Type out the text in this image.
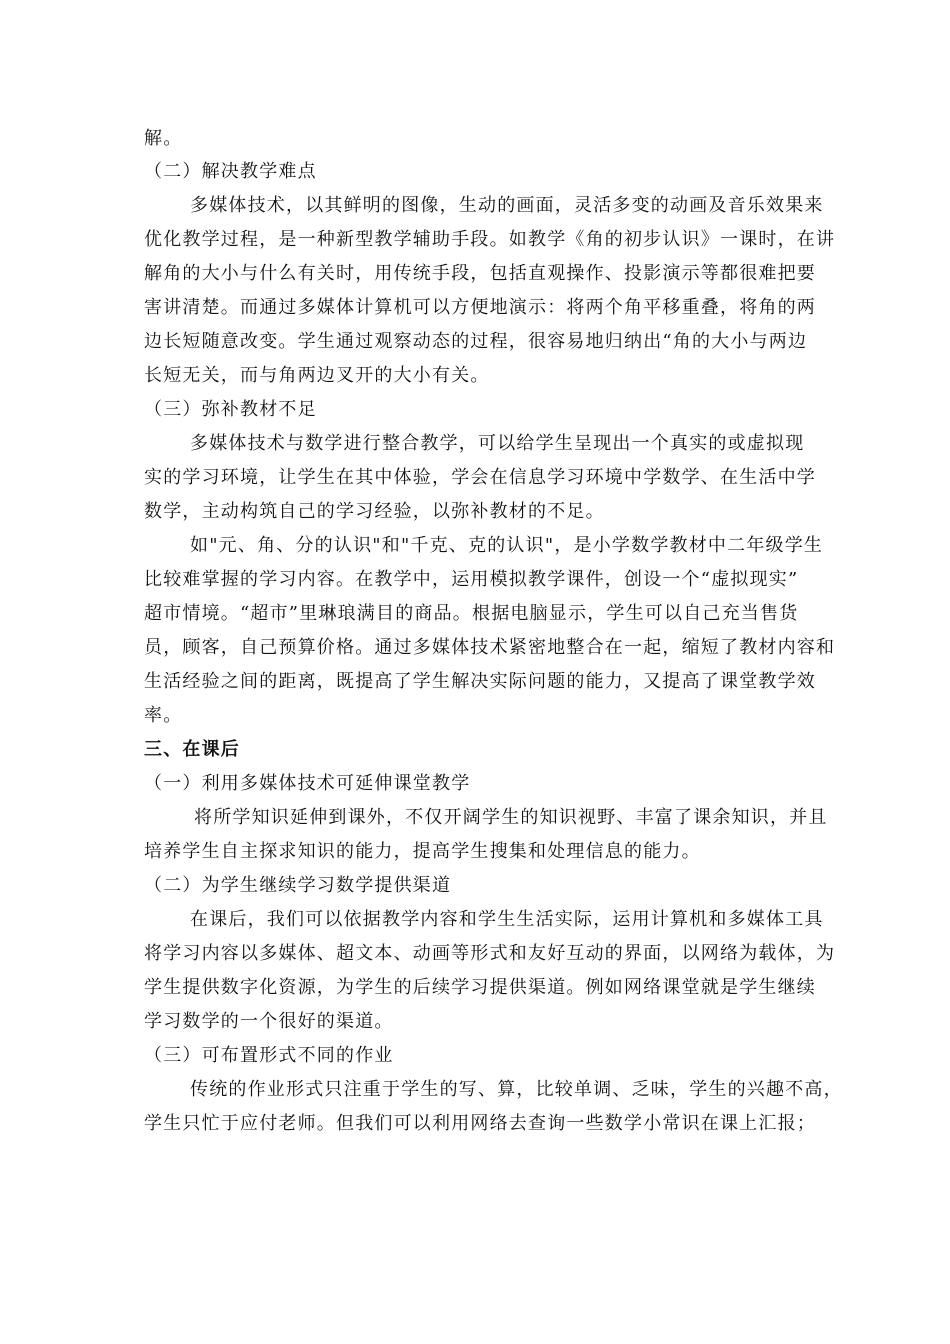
解。
（二）解决教学难点
多媒体技术，以其鲜明的图像，生动的画面，灵活多变的动画及音乐效果来
优化教学过程，是一种新型教学辅助手段。如教学《角的初步认识》一课时，在讲
解角的大小与什么有关时，用传统手段，包括直观操作、投影演示等都很难把要
害讲清楚。而通过多媒体计算机可以方便地演示：将两个角平移重叠，将角的两
边长短随意改变。学生通过观察动态的过程，很容易地归纳出“角的大小与两边
长短无关，而与角两边叉开的大小有关。
（三）弥补教材不足
多媒体技术与数学进行整合教学，可以给学生呈现出一个真实的或虚拟现
实的学习环境，让学生在其中体验，学会在信息学习环境中学数学、在生活中学
数学，主动构筑自己的学习经验，以弥补教材的不足。
如"元、角、分的认识"和"千克、克的认识"，是小学数学教材中二年级学生
比较难掌握的学习内容。在教学中，运用模拟教学课件，创设一个“虚拟现实”
超市情境。“超市”里琳琅满目的商品。根据电脑显示，学生可以自己充当售货
员，顾客，自己预算价格。通过多媒体技术紧密地整合在一起，缩短了教材内容和
生活经验之间的距离，既提高了学生解决实际问题的能力，又提高了课堂教学效
率。
三、在课后
（一）利用多媒体技术可延伸课堂教学
将所学知识延伸到课外，不仅开阔学生的知识视野、丰富了课余知识，并且
培养学生自主探求知识的能力，提高学生搜集和处理信息的能力。
（二）为学生继续学习数学提供渠道
在课后，我们可以依据教学内容和学生生活实际，运用计算机和多媒体工具
将学习内容以多媒体、超文本、动画等形式和友好互动的界面，以网络为载体，为
学生提供数字化资源，为学生的后续学习提供渠道。例如网络课堂就是学生继续
学习数学的一个很好的渠道。
（三）可布置形式不同的作业
传统的作业形式只注重于学生的写、算，比较单调、乏味，学生的兴趣不高，
学生只忙于应付老师。但我们可以利用网络去查询一些数学小常识在课上汇报；
